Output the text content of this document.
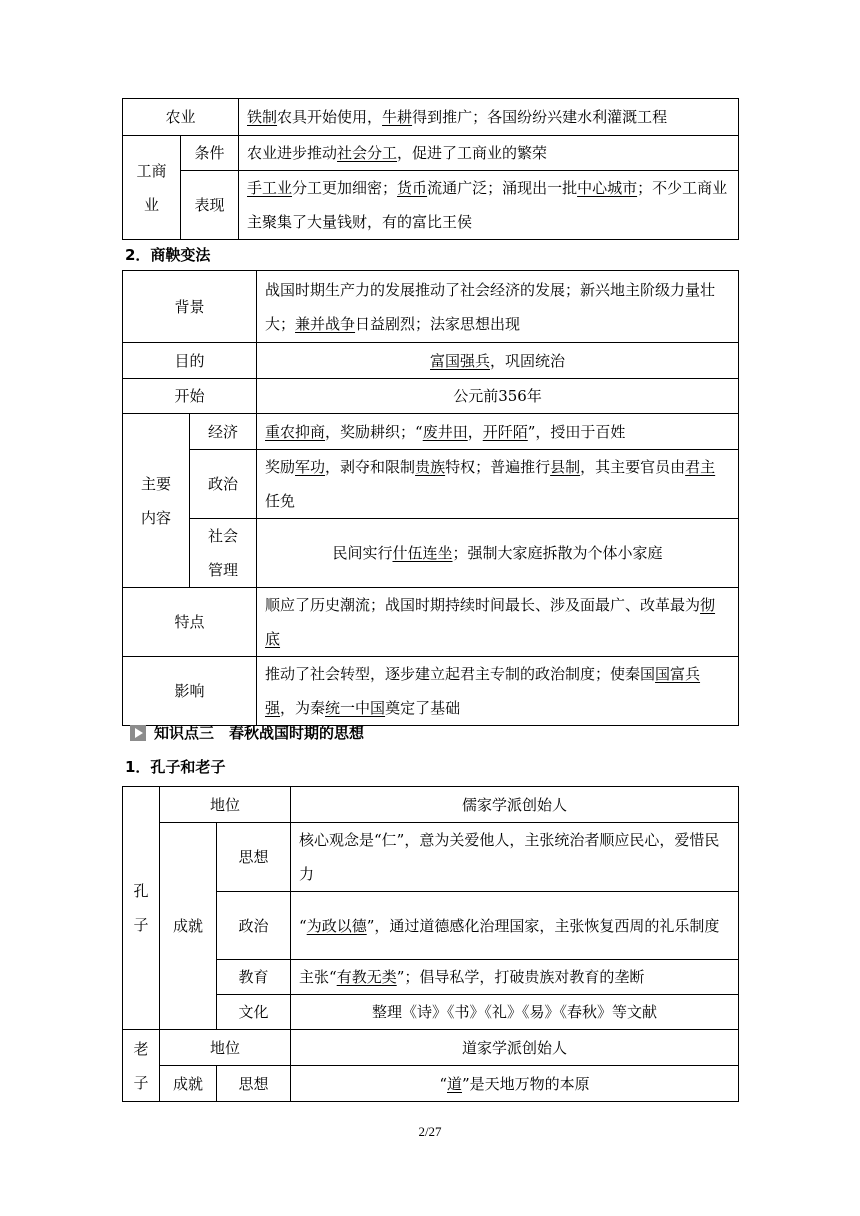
农业		铁制农具开始使用，牛耕得到推广；各国纷纷兴建水利灌溉工程
工商业	条件	农业进步推动社会分工，促进了工商业的繁荣
	表现	手工业分工更加细密；货币流通广泛；涌现出一批中心城市；不少工商业主聚集了大量钱财，有的富比王侯
2．商鞅变法
背景		战国时期生产力的发展推动了社会经济的发展；新兴地主阶级力量壮大；兼并战争日益剧烈；法家思想出现
目的		富国强兵，巩固统治
开始		公元前356年
主要内容	经济	重农抑商，奖励耕织；“废井田，开阡陌”，授田于百姓
	政治	奖励军功，剥夺和限制贵族特权；普遍推行县制，其主要官员由君主任免
	社会管理	民间实行什伍连坐；强制大家庭拆散为个体小家庭
特点		顺应了历史潮流；战国时期持续时间最长、涉及面最广、改革最为彻底
影响		推动了社会转型，逐步建立起君主专制的政治制度；使秦国国富兵强，为秦统一中国奠定了基础
知识点三　春秋战国时期的思想
1．孔子和老子
孔子	地位		儒家学派创始人
	成就	思想	核心观念是“仁”，意为关爱他人，主张统治者顺应民心，爱惜民力
		政治	“为政以德”，通过道德感化治理国家，主张恢复西周的礼乐制度
		教育	主张“有教无类”；倡导私学，打破贵族对教育的垄断
		文化	整理《诗》《书》《礼》《易》《春秋》等文献

老子	地位		道家学派创始人
	成就	思想	“道”是天地万物的本原
2/27
